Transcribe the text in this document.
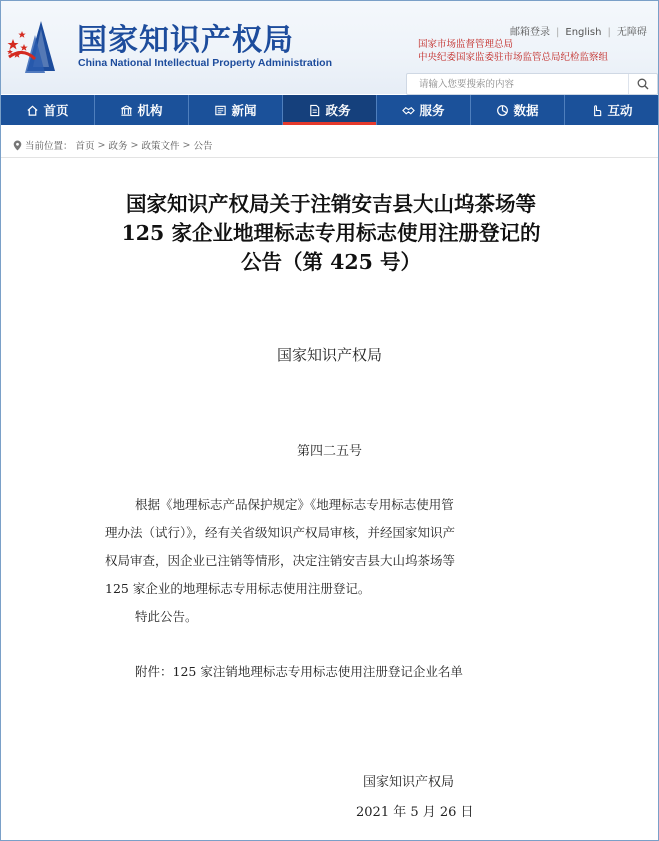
国家知识产权局
China National Intellectual Property Administration
邮箱登录 | English | 无障碍
国家市场监督管理总局
中央纪委国家监委驻市场监管总局纪检监察组
请输入您要搜索的内容
首页	机构	新闻	政务	服务	数据	互动
当前位置： 首页 > 政务 > 政策文件 > 公告
国家知识产权局关于注销安吉县大山坞茶场等
125 家企业地理标志专用标志使用注册登记的
公告（第 425 号）
国家知识产权局
第四二五号
根据《地理标志产品保护规定》《地理标志专用标志使用管
理办法（试行）》，经有关省级知识产权局审核，并经国家知识产
权局审查，因企业已注销等情形，决定注销安吉县大山坞茶场等
125 家企业的地理标志专用标志使用注册登记。
特此公告。
附件：125 家注销地理标志专用标志使用注册登记企业名单
国家知识产权局
2021 年 5 月 26 日
